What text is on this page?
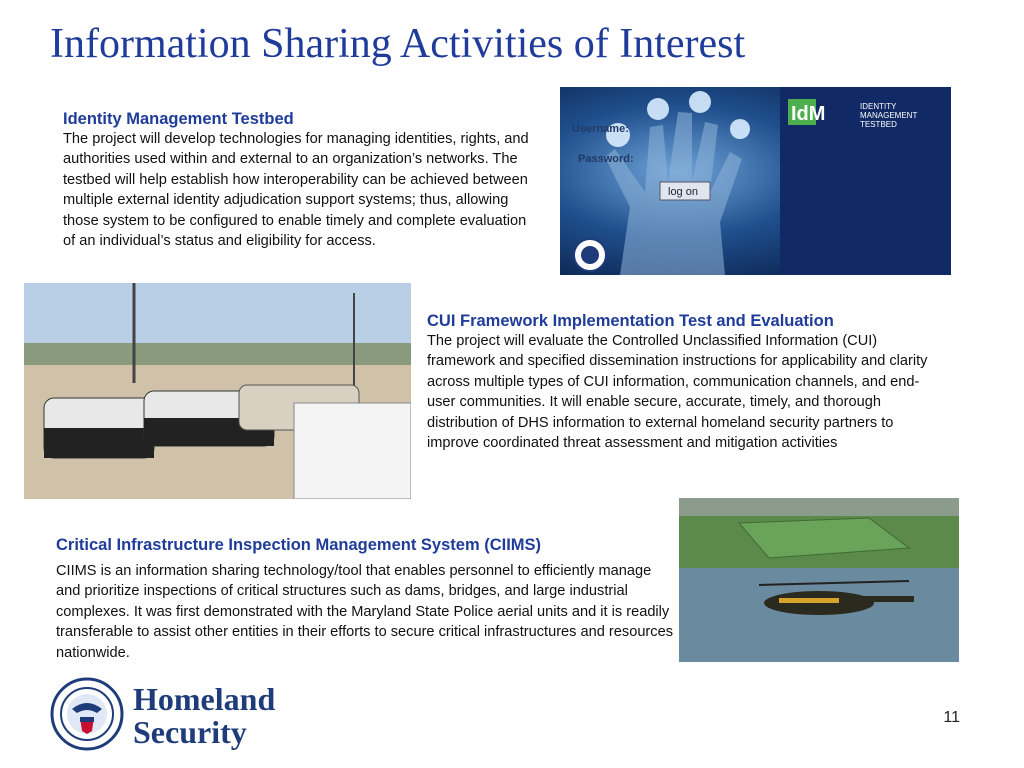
Information Sharing Activities of Interest
Identity Management Testbed

The project will develop technologies for managing identities, rights, and authorities used within and external to an organization’s networks. The testbed will help establish how interoperability can be achieved between multiple external identity adjudication support systems; thus, allowing those system to be configured to enable timely and complete evaluation of an individual’s status and eligibility for access.

Username:
Password:
log on
IdM	IDENTITY
MANAGEMENT
TESTBED
CUI Framework Implementation Test and Evaluation

The project will evaluate the Controlled Unclassified Information (CUI) framework and specified dissemination instructions for applicability and clarity across multiple types of CUI information, communication channels, and end-user communities. It will enable secure, accurate, timely, and thorough distribution of DHS information to external homeland security partners to improve coordinated threat assessment and mitigation activities

Critical Infrastructure Inspection Management System (CIIMS)

CIIMS is an information sharing technology/tool that enables personnel to efficiently manage and prioritize inspections of critical structures such as dams, bridges, and large industrial complexes. It was first demonstrated with the Maryland State Police aerial units and it is readily transferable to assist other entities in their efforts to secure critical infrastructures and resources nationwide.

Homeland
Security	11
